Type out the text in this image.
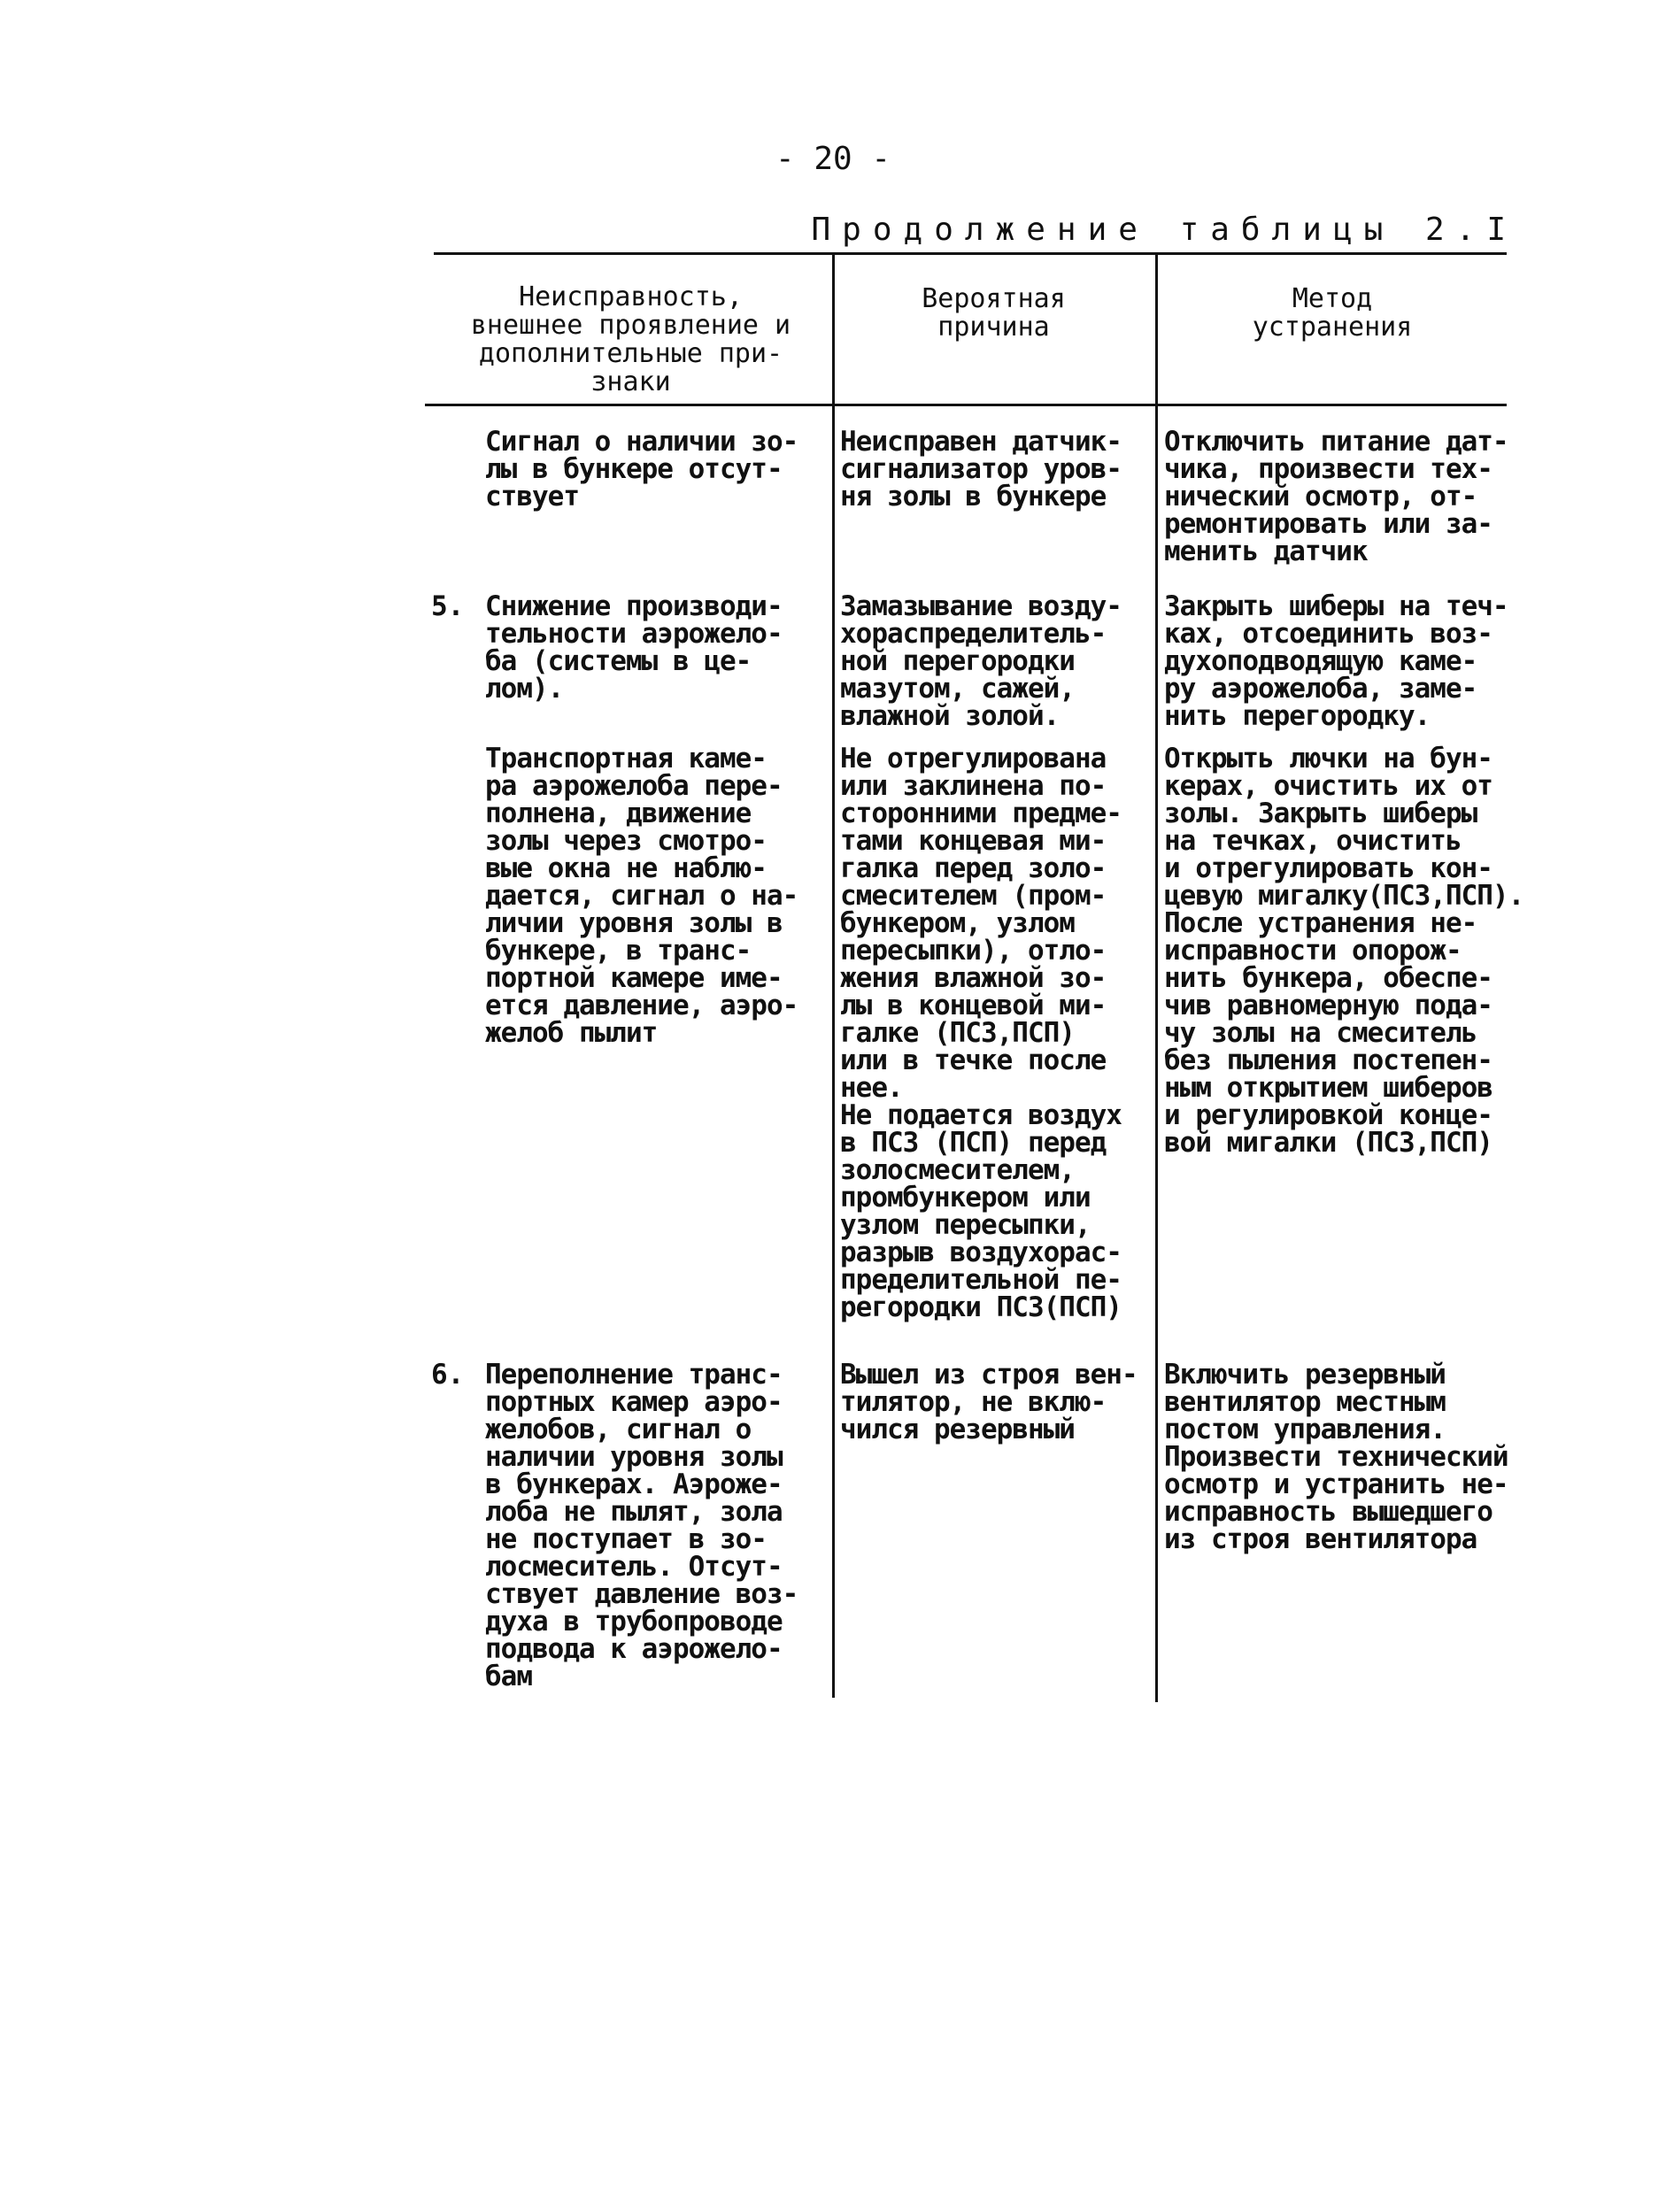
- 20 -
Продолжение таблицы 2.I
Неисправность,
внешнее проявление и
дополнительные при-
знаки
Вероятная
причина
Метод
устранения
Сигнал о наличии зо-
лы в бункере отсут-
ствует
Неисправен датчик-
сигнализатор уров-
ня золы в бункере
Отключить питание дат-
чика, произвести тех-
нический осмотр, от-
ремонтировать или за-
менить датчик
5. Снижение производи-
тельности аэрожело-
ба (системы в це-
лом).
Замазывание возду-
хораспределитель-
ной перегородки
мазутом, сажей,
влажной золой.
Закрыть шиберы на теч-
ках, отсоединить воз-
духоподводящую каме-
ру аэрожелоба, заме-
нить перегородку.
Транспортная каме-
ра аэрожелоба пере-
полнена, движение
золы через смотро-
вые окна не наблю-
дается, сигнал о на-
личии уровня золы в
бункере, в транс-
портной камере име-
ется давление, аэро-
желоб пылит
Не отрегулирована
или заклинена по-
сторонними предме-
тами концевая ми-
галка перед золо-
смесителем (пром-
бункером, узлом
пересыпки), отло-
жения влажной зо-
лы в концевой ми-
галке (ПСЗ,ПСП)
или в течке после
нее.
Не подается воздух
в ПСЗ (ПСП) перед
золосмесителем,
промбункером или
узлом пересыпки,
разрыв воздухорас-
пределительной пе-
регородки ПСЗ(ПСП)
Открыть лючки на бун-
керах, очистить их от
золы. Закрыть шиберы
на течках, очистить
и отрегулировать кон-
цевую мигалку(ПСЗ,ПСП).
После устранения не-
исправности опорож-
нить бункера, обеспе-
чив равномерную пода-
чу золы на смеситель
без пыления постепен-
ным открытием шиберов
и регулировкой конце-
вой мигалки (ПСЗ,ПСП)
6. Переполнение транс-
портных камер аэро-
желобов, сигнал о
наличии уровня золы
в бункерах. Аэроже-
лоба не пылят, зола
не поступает в зо-
лосмеситель. Отсут-
ствует давление воз-
духа в трубопроводе
подвода к аэрожело-
бам
Вышел из строя вен-
тилятор, не вклю-
чился резервный
Включить резервный
вентилятор местным
постом управления.
Произвести технический
осмотр и устранить не-
исправность вышедшего
из строя вентилятора
